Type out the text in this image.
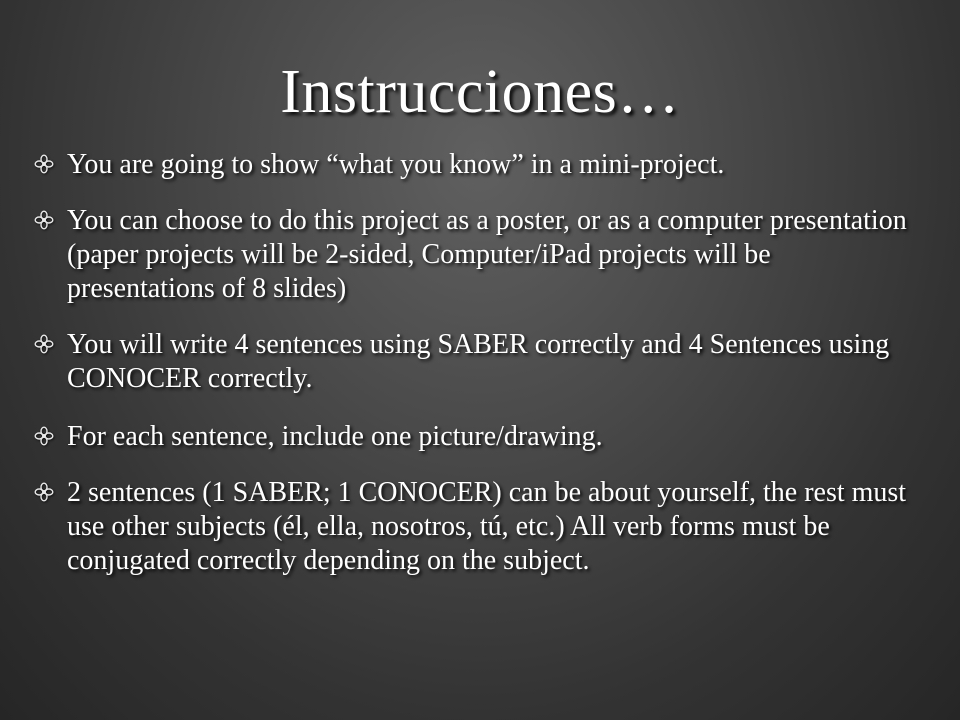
Instrucciones…
You are going to show “what you know” in a mini-project.
You can choose to do this project as a poster, or as a computer presentation (paper projects will be 2-sided, Computer/iPad projects will be presentations of 8 slides)
You will write 4 sentences using SABER correctly and 4 Sentences using CONOCER correctly.
For each sentence, include one picture/drawing.
2 sentences (1 SABER; 1 CONOCER) can be about yourself, the rest must use other subjects (él, ella, nosotros, tú, etc.) All verb forms must be conjugated correctly depending on the subject.
